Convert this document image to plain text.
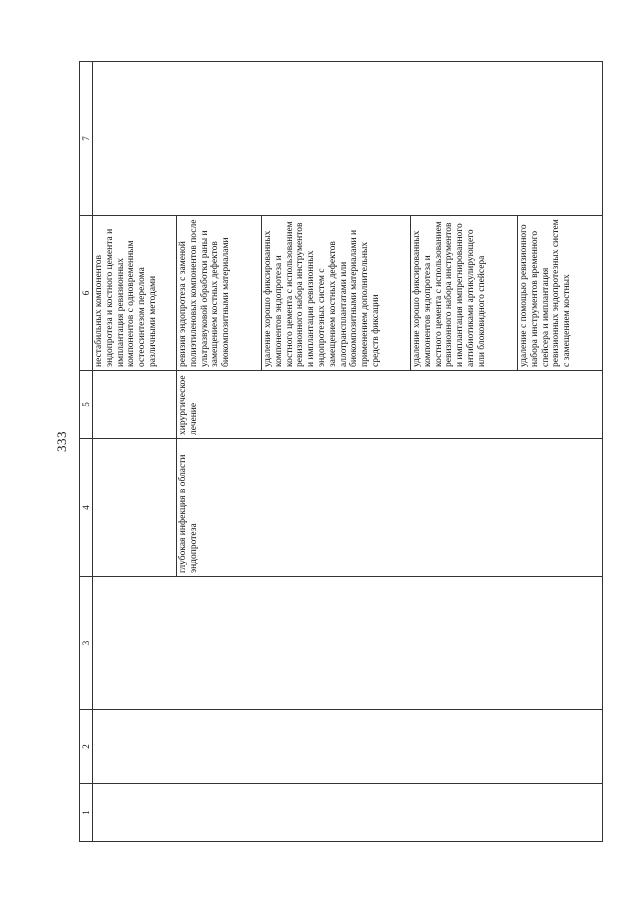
333
1	2	3	4	5	6	7
					нестабильных компонентов эндопротеза и костного цемента и имплантация ревизионных компонентов с одновременным остеосинтезом перелома различными методами	
			глубокая инфекция в области эндопротеза	хирургическое лечение	ревизия эндопротеза с заменой полиэтиленовых компонентов после ультразвуковой обработки раны и замещением костных дефектов биокомпозитными материалами	
					удаление хорошо фиксированных компонентов эндопротеза и костного цемента с использованием ревизионного набора инструментов и имплантация ревизионных эндопротезных систем с замещением костных дефектов аллотрансплантатами или биокомпозитными материалами и применением дополнительных средств фиксации	
					удаление хорошо фиксированных компонентов эндопротеза и костного цемента с использованием ревизионного набора инструментов и имплантация импрегнированного антибиотиками артикулирующего или блоковидного спейсера	
					удаление с помощью ревизионного набора инструментов временного спейсера и имплантация ревизионных эндопротезных систем с замещением костных	
